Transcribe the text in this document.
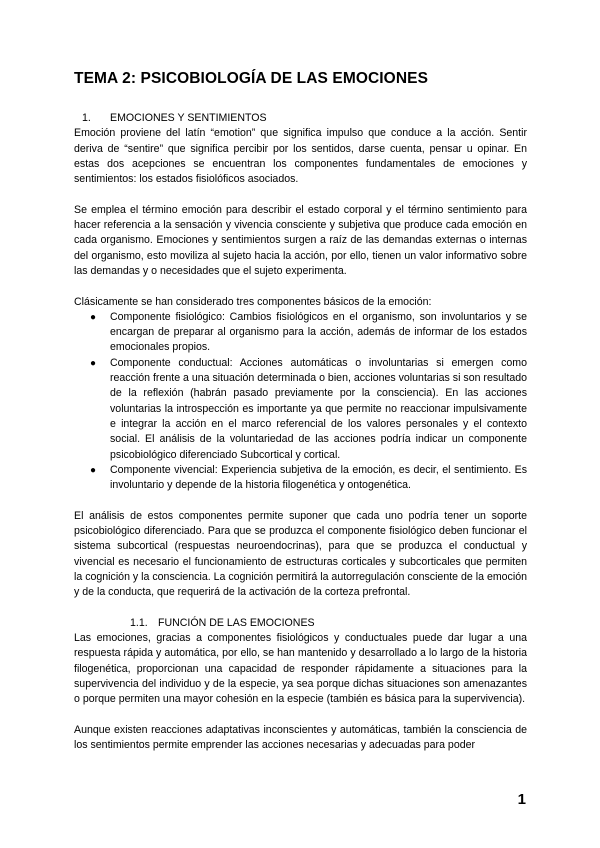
TEMA 2: PSICOBIOLOGÍA DE LAS EMOCIONES
1.	EMOCIONES Y SENTIMIENTOS

Emoción proviene del latín “emotion” que significa impulso que conduce a la acción. Sentir deriva de “sentire” que significa percibir por los sentidos, darse cuenta, pensar u opinar. En estas dos acepciones se encuentran los componentes fundamentales de emociones y sentimientos: los estados fisiolóficos asociados.

Se emplea el término emoción para describir el estado corporal y el término sentimiento para hacer referencia a la sensación y vivencia consciente y subjetiva que produce cada emoción en cada organismo. Emociones y sentimientos surgen a raíz de las demandas externas o internas del organismo, esto moviliza al sujeto hacia la acción, por ello, tienen un valor informativo sobre las demandas y o necesidades que el sujeto experimenta.

Clásicamente se han considerado tres componentes básicos de la emoción:

● Componente fisiológico: Cambios fisiológicos en el organismo, son involuntarios y se encargan de preparar al organismo para la acción, además de informar de los estados emocionales propios.
● Componente conductual: Acciones automáticas o involuntarias si emergen como reacción frente a una situación determinada o bien, acciones voluntarias si son resultado de la reflexión (habrán pasado previamente por la consciencia). En las acciones voluntarias la introspección es importante ya que permite no reaccionar impulsivamente e integrar la acción en el marco referencial de los valores personales y el contexto social. El análisis de la voluntariedad de las acciones podría indicar un componente psicobiológico diferenciado Subcortical y cortical.
● Componente vivencial: Experiencia subjetiva de la emoción, es decir, el sentimiento. Es involuntario y depende de la historia filogenética y ontogenética.

El análisis de estos componentes permite suponer que cada uno podría tener un soporte psicobiológico diferenciado. Para que se produzca el componente fisiológico deben funcionar el sistema subcortical (respuestas neuroendocrinas), para que se produzca el conductual y vivencial es necesario el funcionamiento de estructuras corticales y subcorticales que permiten la cognición y la consciencia. La cognición permitirá la autorregulación consciente de la emoción y de la conducta, que requerirá de la activación de la corteza prefrontal.

1.1. FUNCIÓN DE LAS EMOCIONES

Las emociones, gracias a componentes fisiológicos y conductuales puede dar lugar a una respuesta rápida y automática, por ello, se han mantenido y desarrollado a lo largo de la historia filogenética, proporcionan una capacidad de responder rápidamente a situaciones para la supervivencia del individuo y de la especie, ya sea porque dichas situaciones son amenazantes o porque permiten una mayor cohesión en la especie (también es básica para la supervivencia).

Aunque existen reacciones adaptativas inconscientes y automáticas, también la consciencia de los sentimientos permite emprender las acciones necesarias y adecuadas para poder

1
